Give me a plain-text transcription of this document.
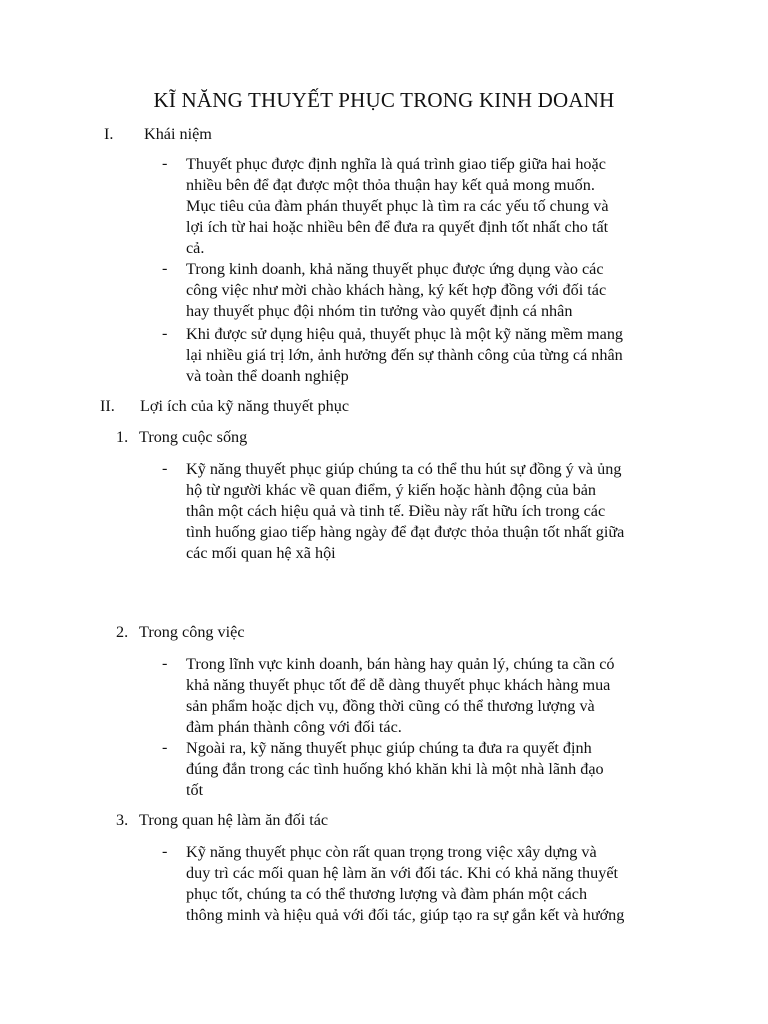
KĨ NĂNG THUYẾT PHỤC TRONG KINH DOANH
I. Khái niệm
- Thuyết phục được định nghĩa là quá trình giao tiếp giữa hai hoặc
nhiều bên để đạt được một thỏa thuận hay kết quả mong muốn.
Mục tiêu của đàm phán thuyết phục là tìm ra các yếu tố chung và
lợi ích từ hai hoặc nhiều bên để đưa ra quyết định tốt nhất cho tất
cả.
- Trong kinh doanh, khả năng thuyết phục được ứng dụng vào các
công việc như mời chào khách hàng, ký kết hợp đồng với đối tác
hay thuyết phục đội nhóm tin tưởng vào quyết định cá nhân
- Khi được sử dụng hiệu quả, thuyết phục là một kỹ năng mềm mang
lại nhiều giá trị lớn, ảnh hưởng đến sự thành công của từng cá nhân
và toàn thể doanh nghiệp
II. Lợi ích của kỹ năng thuyết phục
1. Trong cuộc sống
- Kỹ năng thuyết phục giúp chúng ta có thể thu hút sự đồng ý và ủng
hộ từ người khác về quan điểm, ý kiến hoặc hành động của bản
thân một cách hiệu quả và tinh tế. Điều này rất hữu ích trong các
tình huống giao tiếp hàng ngày để đạt được thỏa thuận tốt nhất giữa
các mối quan hệ xã hội
2. Trong công việc
- Trong lĩnh vực kinh doanh, bán hàng hay quản lý, chúng ta cần có
khả năng thuyết phục tốt để dễ dàng thuyết phục khách hàng mua
sản phẩm hoặc dịch vụ, đồng thời cũng có thể thương lượng và
đàm phán thành công với đối tác.
- Ngoài ra, kỹ năng thuyết phục giúp chúng ta đưa ra quyết định
đúng đắn trong các tình huống khó khăn khi là một nhà lãnh đạo
tốt
3. Trong quan hệ làm ăn đối tác
- Kỹ năng thuyết phục còn rất quan trọng trong việc xây dựng và
duy trì các mối quan hệ làm ăn với đối tác. Khi có khả năng thuyết
phục tốt, chúng ta có thể thương lượng và đàm phán một cách
thông minh và hiệu quả với đối tác, giúp tạo ra sự gắn kết và hướng
